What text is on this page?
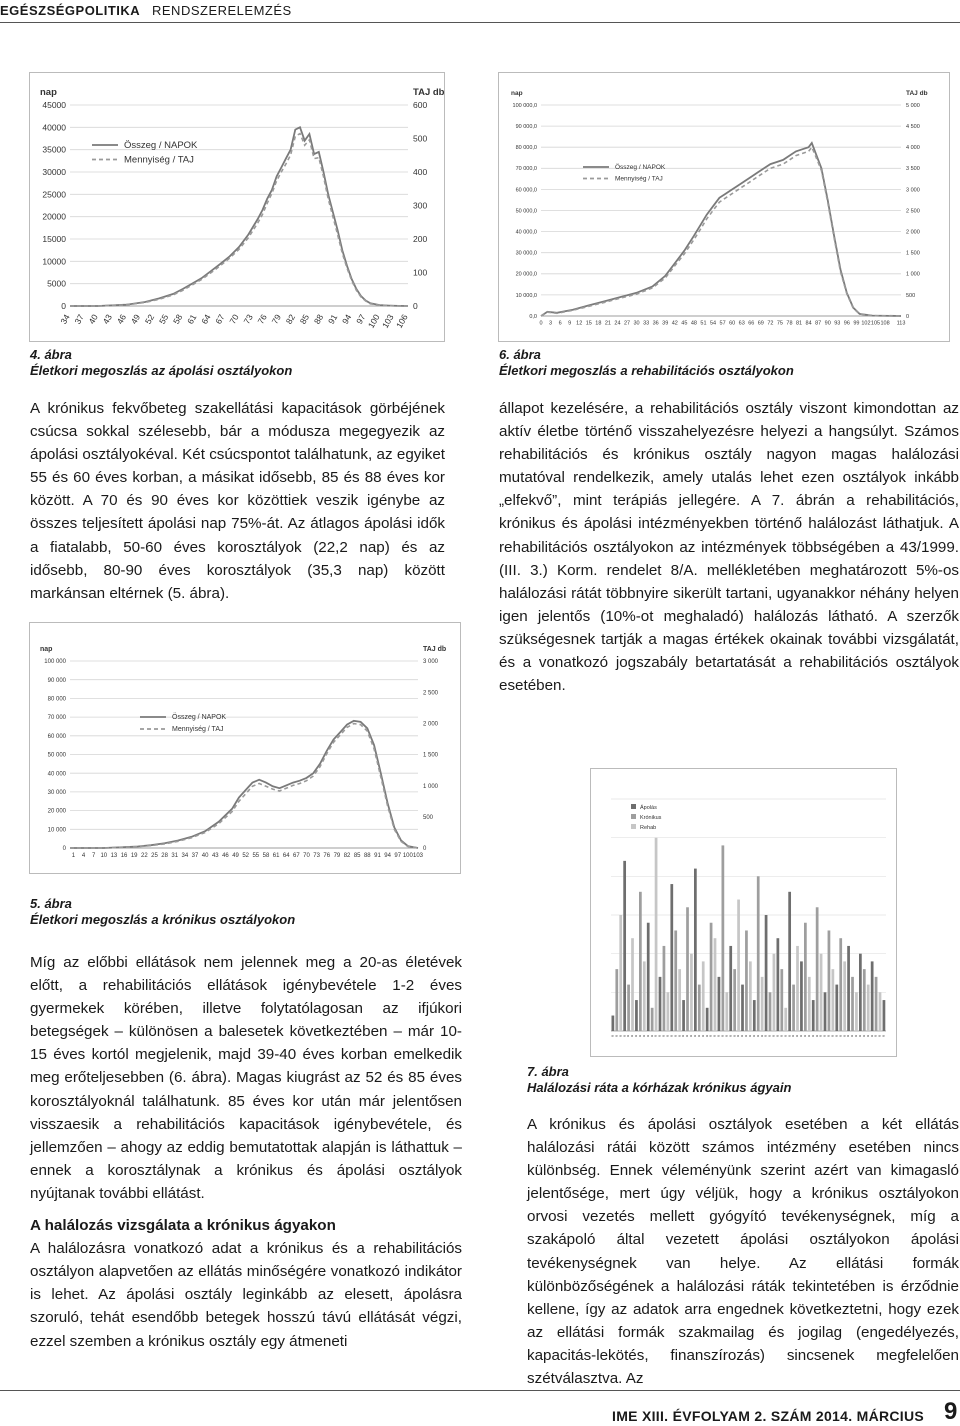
EGÉSZSÉGPOLITIKA RENDSZERELEMZÉS
0
5000
10000
15000
20000
25000
30000
35000
40000
45000
0
100
200
300
400
500
600
nap	TAJ db
34 37 40 43 46 49 52 55 58 61 64 67 70 73 76 79 82 85 88 91 94 97
100
103
106
Összeg / NAPOK
Mennyiség / TAJ
4. ábra
Életkori megoszlás az ápolási osztályokon
0,0
10 000,0
20 000,0
30 000,0
40 000,0
50 000,0
60 000,0
70 000,0
80 000,0
90 000,0
100 000,0
0
500
1 000
1 500
2 000
2 500
3 000
3 500
4 000
4 500
5 000
nap	TAJ db
0 3 6 9 12 15 18 21 24 27 30 33 36 39 42 45 48 51 54 57 60 63 66 69 72 75 78 81 84 87 90 93 96 99 102 105 108 113
Összeg / NAPOK
Mennyiség / TAJ
6. ábra
Életkori megoszlás a rehabilitációs osztályokon

A krónikus fekvőbeteg szakellátási kapacitások görbéjének csúcsa sokkal szélesebb, bár a módusza megegyezik az ápolási osztályokéval. Két csúcspontot találhatunk, az egyiket 55 és 60 éves korban, a másikat idősebb, 85 és 88 éves kor között. A 70 és 90 éves kor közöttiek veszik igénybe az összes teljesített ápolási nap 75%-át. Az átlagos ápolási idők a fiatalabb, 50-60 éves korosztályok (22,2 nap) és az idősebb, 80-90 éves korosztályok (35,3 nap) között markánsan eltérnek (5. ábra).

állapot kezelésére, a rehabilitációs osztály viszont kimondottan az aktív életbe történő visszahelyezésre helyezi a hangsúlyt. Számos rehabilitációs és krónikus osztály nagyon magas halálozási mutatóval rendelkezik, amely utalás lehet ezen osztályok inkább „elfekvő”, mint terápiás jellegére. A 7. ábrán a rehabilitációs, krónikus és ápolási intézményekben történő halálozást láthatjuk. A rehabilitációs osztályokon az intézmények többségében a 43/1999. (III. 3.) Korm. rendelet 8/A. mellékletében meghatározott 5%-os halálozási rátát többnyire sikerült tartani, ugyanakkor néhány helyen igen jelentős (10%-ot meghaladó) halálozás látható. A szerzők szükségesnek tartják a magas értékek okainak további vizsgálatát, és a vonatkozó jogszabály betartatását a rehabilitációs osztályok esetében.

0
10 000
20 000
30 000
40 000
50 000
60 000
70 000
80 000
90 000
100 000
0
500
1 000
1 500
2 000
2 500
3 000
nap	TAJ db
1 4 7 10 13 16 19 22 25 28 31 34 37 40 43 46 49 52 55 58 61 64 67 70 73 76 79 82 85 88 91 94 97 100 103
Összeg / NAPOK
Mennyiség / TAJ
5. ábra
Életkori megoszlás a krónikus osztályokon
x
x
x
x
x
x
x
x
x
x
x
x
x
x
x
x
x
x
x
x
x
x
x
x
x
x
x
x
x
x
x
x
x
x
x
x
x
x
x
x
x
x
x
x
x
x
x
x
x
x
x
x
x
x
x
x
x
x
x
x
x
x
x
x
x
x
x
x
x
x
Ápolás
Krónikus
Rehab
7. ábra
Halálozási ráta a kórházak krónikus ágyain

Míg az előbbi ellátások nem jelennek meg a 20-as életévek előtt, a rehabilitációs ellátások igénybevétele 1-2 éves gyermekek körében, illetve folytatólagosan az ifjúkori betegségek – különösen a balesetek következtében – már 10-15 éves kortól megjelenik, majd 39-40 éves korban emelkedik meg erőteljesebben (6. ábra). Magas kiugrást az 52 és 85 éves korosztályoknál találhatunk. 85 éves kor után már jelentősen visszaesik a rehabilitációs kapacitások igénybevétele, és jellemzően – ahogy az eddig bemutatottak alapján is láthattuk – ennek a korosztálynak a krónikus és ápolási osztályok nyújtanak további ellátást.

A halálozás vizsgálata a krónikus ágyakon

A halálozásra vonatkozó adat a krónikus és a rehabilitációs osztályon alapvetően az ellátás minőségére vonatkozó indikátor is lehet. Az ápolási osztály leginkább az elesett, ápolásra szoruló, tehát esendőbb betegek hosszú távú ellátását végzi, ezzel szemben a krónikus osztály egy átmeneti

A krónikus és ápolási osztályok esetében a két ellátás halálozási rátái között számos intézmény esetében nincs különbség. Ennek véleményünk szerint azért van kimagasló jelentősége, mert úgy véljük, hogy a krónikus osztályokon orvosi vezetés mellett gyógyító tevékenységnek, míg a szakápoló által vezetett ápolási osztályokon ápolási tevékenységnek van helye. Az ellátási formák különbözőségének a halálozási ráták tekintetében is érződnie kellene, így az adatok arra engednek következtetni, hogy ezek az ellátási formák szakmailag és jogilag (engedélyezés, kapacitás-lekötés, finanszírozás) sincsenek megfelelően szétválasztva. Az

IME XIII. ÉVFOLYAM 2. SZÁM 2014. MÁRCIUS 9
